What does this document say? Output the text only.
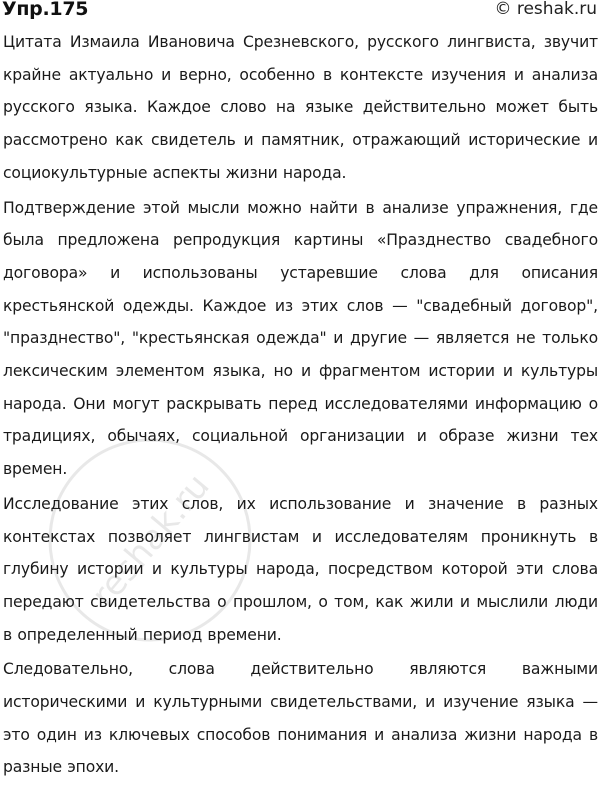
Упр.175	© reshak.ru

Цитата Измаила Ивановича Срезневского, русского лингвиста, звучит крайне актуально и верно, особенно в контексте изучения и анализа русского языка. Каждое слово на языке действительно может быть рассмотрено как свидетель и памятник, отражающий исторические и социокультурные аспекты жизни народа.

Подтверждение этой мысли можно найти в анализе упражнения, где была предложена репродукция картины «Празднество свадебного договора» и использованы устаревшие слова для описания крестьянской одежды. Каждое из этих слов — "свадебный договор", "празднество", "крестьянская одежда" и другие — является не только лексическим элементом языка, но и фрагментом истории и культуры народа. Они могут раскрывать перед исследователями информацию о традициях, обычаях, социальной организации и образе жизни тех времен.

Исследование этих слов, их использование и значение в разных контекстах позволяет лингвистам и исследователям проникнуть в глубину истории и культуры народа, посредством которой эти слова передают свидетельства о прошлом, о том, как жили и мыслили люди в определенный период времени.

Следовательно, слова действительно являются важными историческими и культурными свидетельствами, и изучение языка — это один из ключевых способов понимания и анализа жизни народа в разные эпохи.

reshak.ru
